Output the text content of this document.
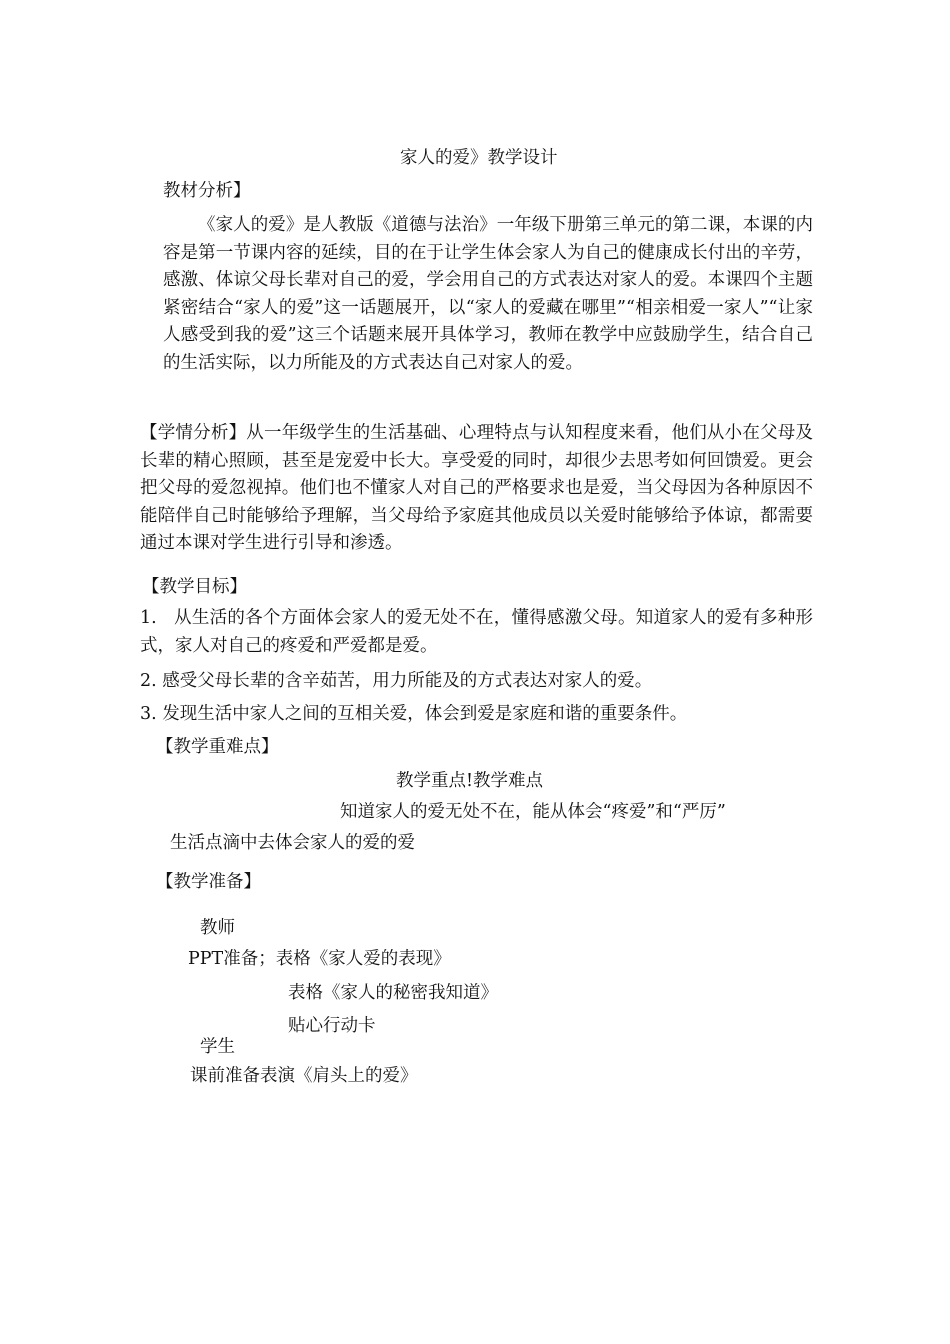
家人的爱》教学设计
教材分析】
《家人的爱》是人教版《道德与法治》一年级下册第三单元的第二课，本课的内容是第一节课内容的延续，目的在于让学生体会家人为自己的健康成长付出的辛劳，感激、体谅父母长辈对自己的爱，学会用自己的方式表达对家人的爱。本课四个主题紧密结合“家人的爱”这一话题展开，以“家人的爱藏在哪里”“相亲相爱一家人”“让家人感受到我的爱”这三个话题来展开具体学习，教师在教学中应鼓励学生，结合自己的生活实际，以力所能及的方式表达自己对家人的爱。
【学情分析】从一年级学生的生活基础、心理特点与认知程度来看，他们从小在父母及长辈的精心照顾，甚至是宠爱中长大。享受爱的同时，却很少去思考如何回馈爱。更会把父母的爱忽视掉。他们也不懂家人对自己的严格要求也是爱，当父母因为各种原因不能陪伴自己时能够给予理解，当父母给予家庭其他成员以关爱时能够给予体谅，都需要通过本课对学生进行引导和渗透。
【教学目标】
1.   从生活的各个方面体会家人的爱无处不在，懂得感激父母。知道家人的爱有多种形式，家人对自己的疼爱和严爱都是爱。
2. 感受父母长辈的含辛茹苦，用力所能及的方式表达对家人的爱。
3. 发现生活中家人之间的互相关爱，体会到爱是家庭和谐的重要条件。
【教学重难点】
教学重点!教学难点
知道家人的爱无处不在，能从体会“疼爱”和“严厉”
生活点滴中去体会家人的爱的爱
【教学准备】
教师
PPT准备；表格《家人爱的表现》
表格《家人的秘密我知道》
贴心行动卡
学生
课前准备表演《肩头上的爱》
